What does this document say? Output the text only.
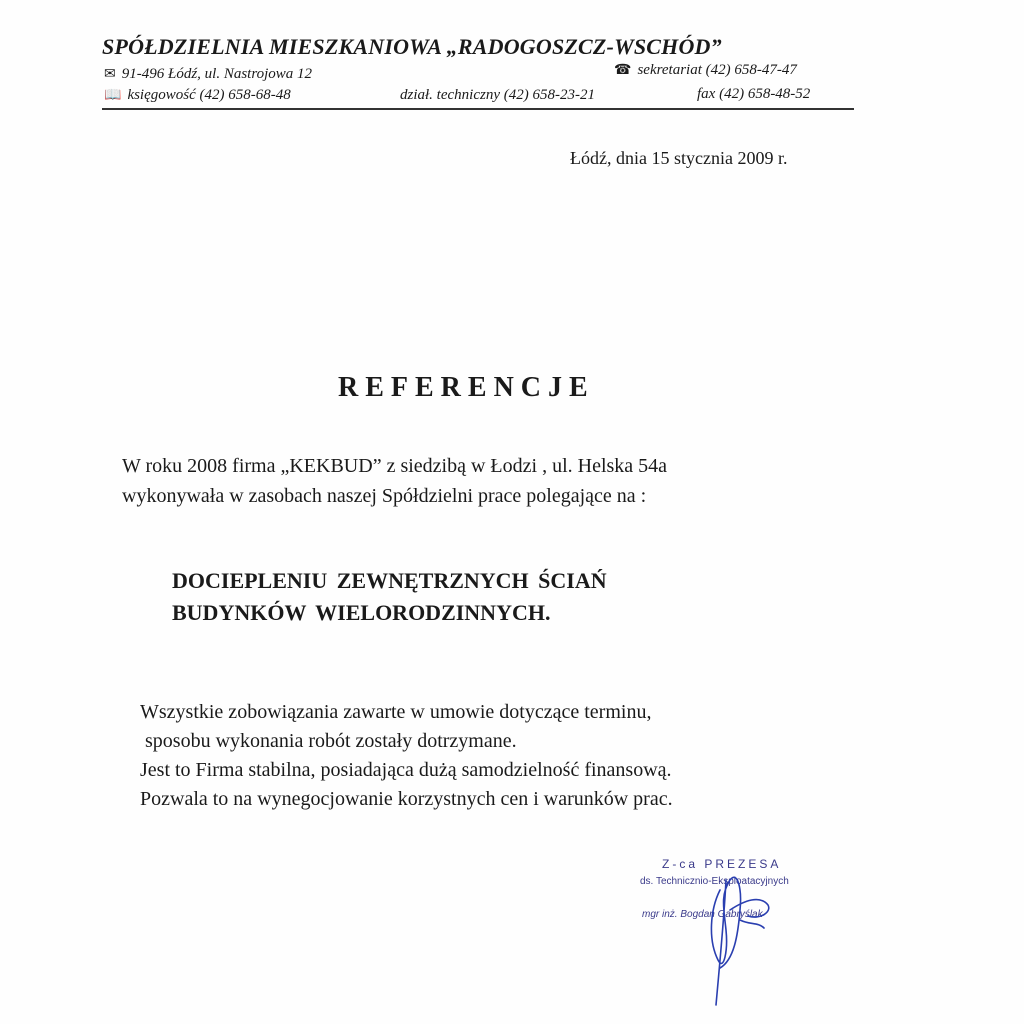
SPÓŁDZIELNIA MIESZKANIOWA „RADOGOSZCZ-WSCHÓD”
✉ 91-496 Łódź, ul. Nastrojowa 12	☎ sekretariat (42) 658-47-47
📖 księgowość (42) 658-68-48	dział. techniczny (42) 658-23-21	fax (42) 658-48-52
Łódź, dnia 15 stycznia 2009 r.
REFERENCJE
W roku 2008 firma „KEKBUD” z siedzibą w Łodzi , ul. Helska 54a
wykonywała w zasobach naszej Spółdzielni prace polegające na :
DOCIEPLENIU ZEWNĘTRZNYCH ŚCIAŃ
BUDYNKÓW WIELORODZINNYCH.
Wszystkie zobowiązania zawarte w umowie dotyczące terminu,
sposobu wykonania robót zostały dotrzymane.
Jest to Firma stabilna, posiadająca dużą samodzielność finansową.
Pozwala to na wynegocjowanie korzystnych cen i warunków prac.
Z-ca PREZESA
ds. Technicznio-Eksploatacyjnych
mgr inż. Bogdan Gabryślak
